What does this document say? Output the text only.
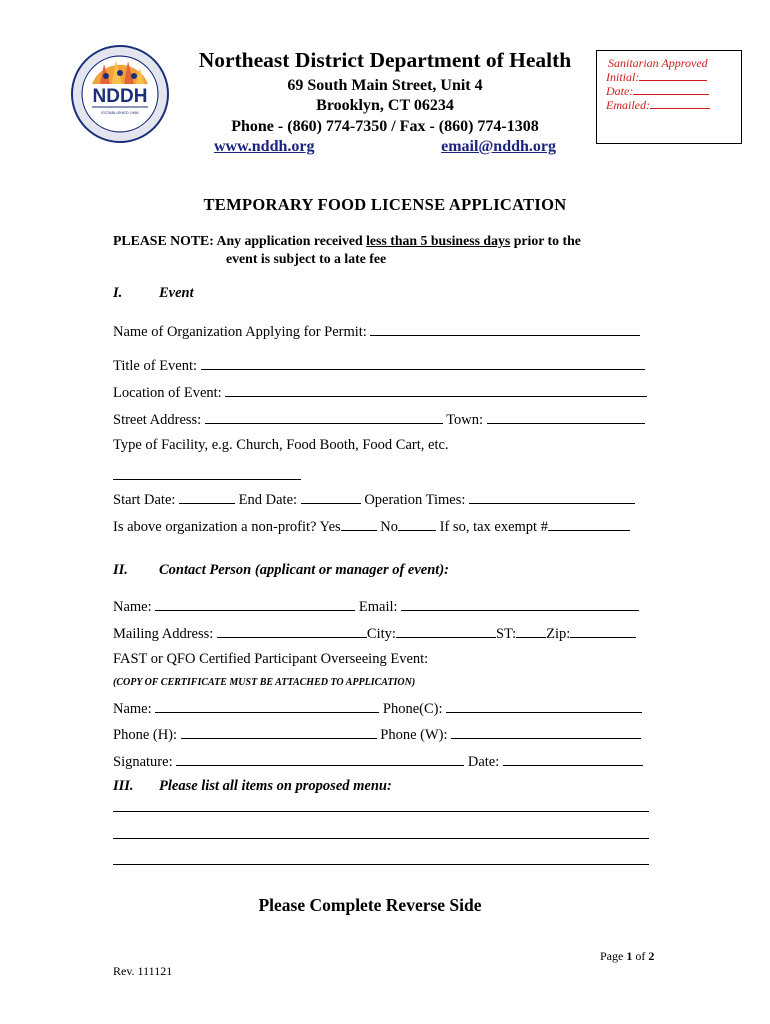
NDDH
ESTABLISHED 1966
Northeast District Department of Health
69 South Main Street, Unit 4
Brooklyn, CT 06234
Phone - (860) 774-7350 / Fax - (860) 774-1308
www.nddh.org	email@nddh.org
Sanitarian Approved
Initial:
Date:
Emailed:
TEMPORARY FOOD LICENSE APPLICATION
PLEASE NOTE: Any application received less than 5 business days prior to the
event is subject to a late fee
I.	Event
Name of Organization Applying for Permit:
Title of Event:
Location of Event:
Street Address:	Town:
Type of Facility, e.g. Church, Food Booth, Food Cart, etc.
Start Date:	End Date:	Operation Times:
Is above organization a non-profit? Yes	No	If so, tax exempt #
II. Contact Person (applicant or manager of event):
Name:	Email:
Mailing Address:	City:	ST: Zip:
FAST or QFO Certified Participant Overseeing Event:
(COPY OF CERTIFICATE MUST BE ATTACHED TO APPLICATION)
Name:	Phone(C):
Phone (H):	Phone (W):
Signature:	Date:
III. Please list all items on proposed menu:
Please Complete Reverse Side
Page 1 of 2
Rev. 111121
